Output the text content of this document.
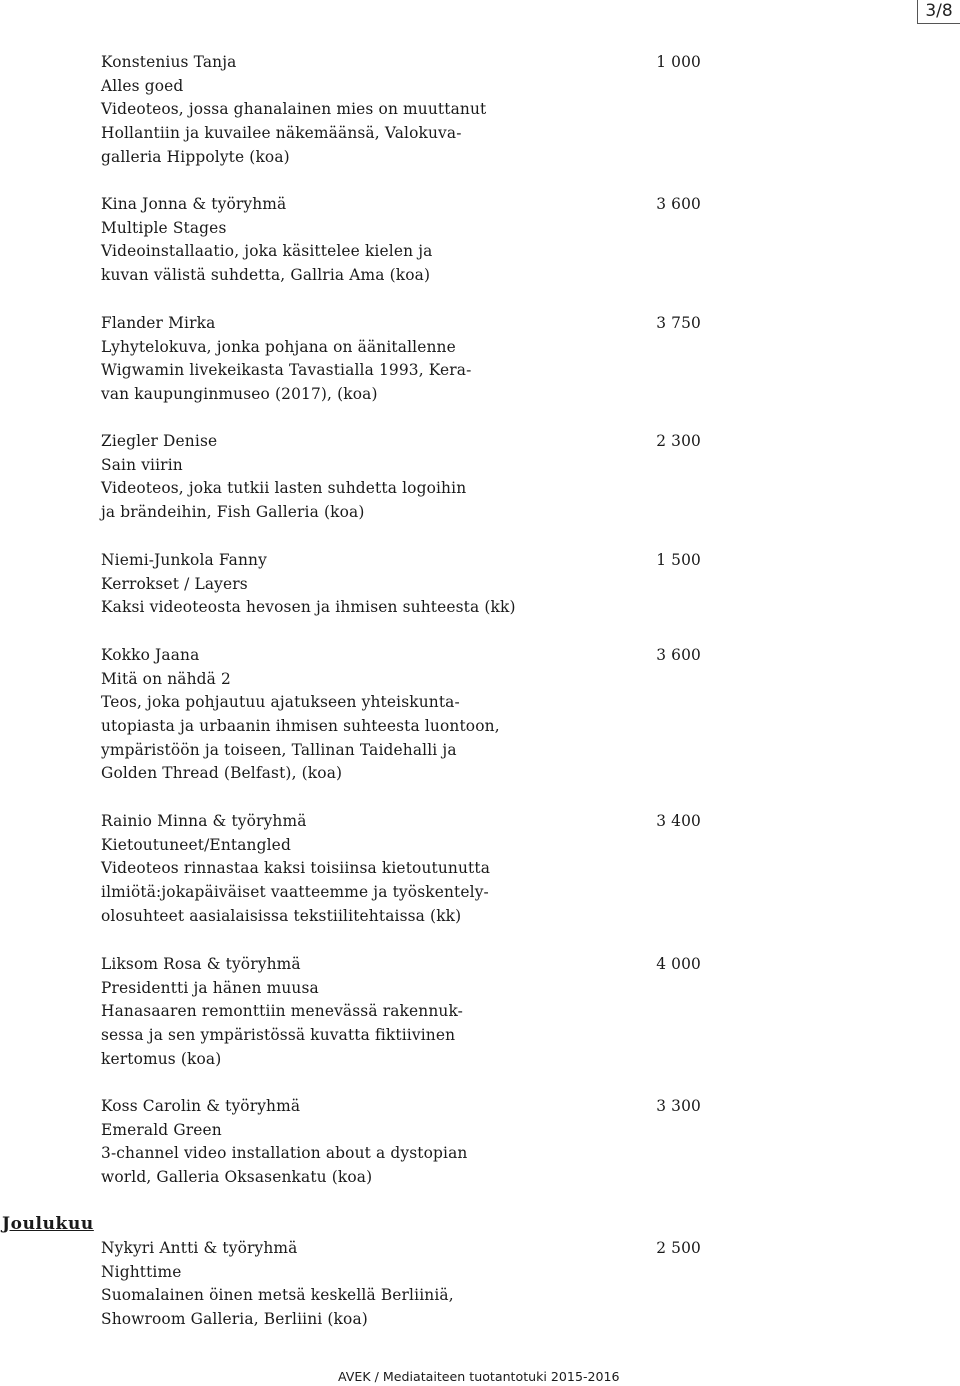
3/8
Konstenius Tanja	1 000
Alles goed
Videoteos, jossa ghanalainen mies on muuttanut
Hollantiin ja kuvailee näkemäänsä, Valokuva-
galleria Hippolyte (koa)
Kina Jonna & työryhmä	3 600
Multiple Stages
Videoinstallaatio, joka käsittelee kielen ja
kuvan välistä suhdetta, Gallria Ama (koa)
Flander Mirka	3 750
Lyhytelokuva, jonka pohjana on äänitallenne
Wigwamin livekeikasta Tavastialla 1993, Kera-
van kaupunginmuseo (2017), (koa)
Ziegler Denise	2 300
Sain viirin
Videoteos, joka tutkii lasten suhdetta logoihin
ja brändeihin, Fish Galleria (koa)
Niemi-Junkola Fanny	1 500
Kerrokset / Layers
Kaksi videoteosta hevosen ja ihmisen suhteesta (kk)
Kokko Jaana	3 600
Mitä on nähdä 2
Teos, joka pohjautuu ajatukseen yhteiskunta-
utopiasta ja urbaanin ihmisen suhteesta luontoon,
ympäristöön ja toiseen, Tallinan Taidehalli ja
Golden Thread (Belfast), (koa)
Rainio Minna & työryhmä	3 400
Kietoutuneet/Entangled
Videoteos rinnastaa kaksi toisiinsa kietoutunutta
ilmiötä:jokapäiväiset vaatteemme ja työskentely-
olosuhteet aasialaisissa tekstiilitehtaissa (kk)
Liksom Rosa & työryhmä	4 000
Presidentti ja hänen muusa
Hanasaaren remonttiin menevässä rakennuk-
sessa ja sen ympäristössä kuvatta fiktiivinen
kertomus (koa)
Koss Carolin & työryhmä	3 300
Emerald Green
3-channel video installation about a dystopian
world, Galleria Oksasenkatu (koa)
Nykyri Antti & työryhmä	2 500
Nighttime
Suomalainen öinen metsä keskellä Berliiniä,
Showroom Galleria, Berliini (koa)
Joulukuu
AVEK / Mediataiteen tuotantotuki 2015-2016
